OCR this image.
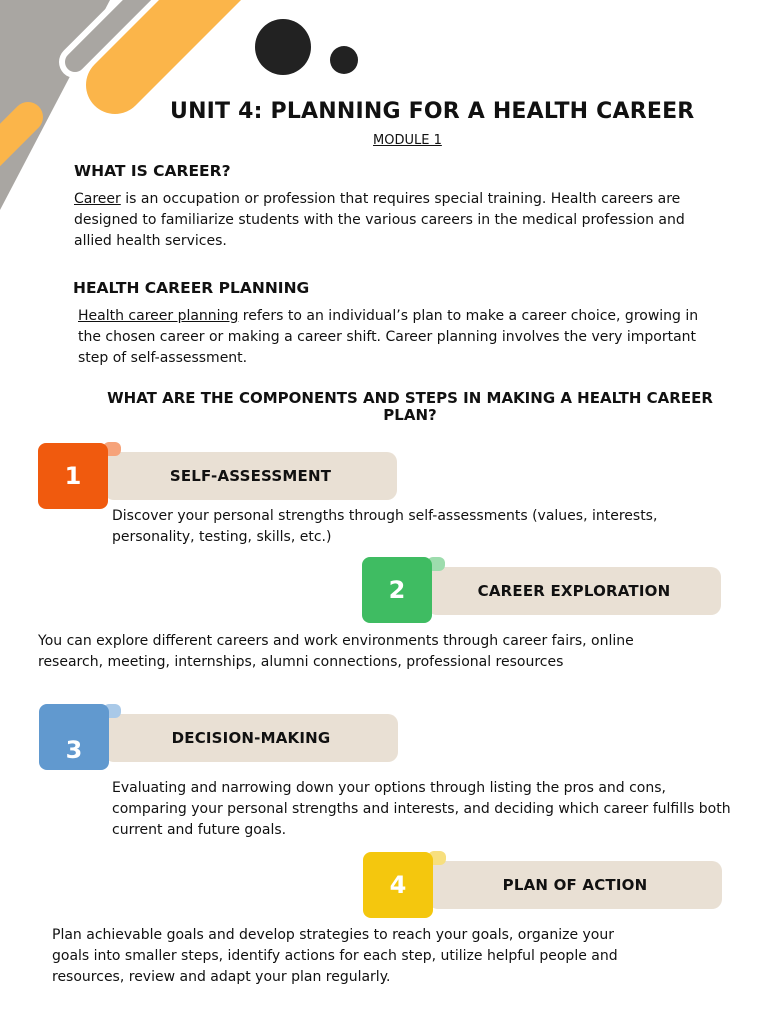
UNIT 4: PLANNING FOR A HEALTH CAREER
MODULE 1
WHAT IS CAREER?
Career is an occupation or profession that requires special training. Health careers are designed to familiarize students with the various careers in the medical profession and allied health services.
HEALTH CAREER PLANNING
Health career planning refers to an individual’s plan to make a career choice, growing in the chosen career or making a career shift. Career planning involves the very important step of self-assessment.
WHAT ARE THE COMPONENTS AND STEPS IN MAKING A HEALTH CAREER PLAN?
SELF-ASSESSMENT
1
Discover your personal strengths through self-assessments (values, interests, personality, testing, skills, etc.)
CAREER EXPLORATION
2
You can explore different careers and work environments through career fairs, online research, meeting, internships, alumni connections, professional resources
DECISION-MAKING
3
Evaluating and narrowing down your options through listing the pros and cons, comparing your personal strengths and interests, and deciding which career fulfills both current and future goals.
PLAN OF ACTION
4
Plan achievable goals and develop strategies to reach your goals, organize your goals into smaller steps, identify actions for each step, utilize helpful people and resources, review and adapt your plan regularly.
